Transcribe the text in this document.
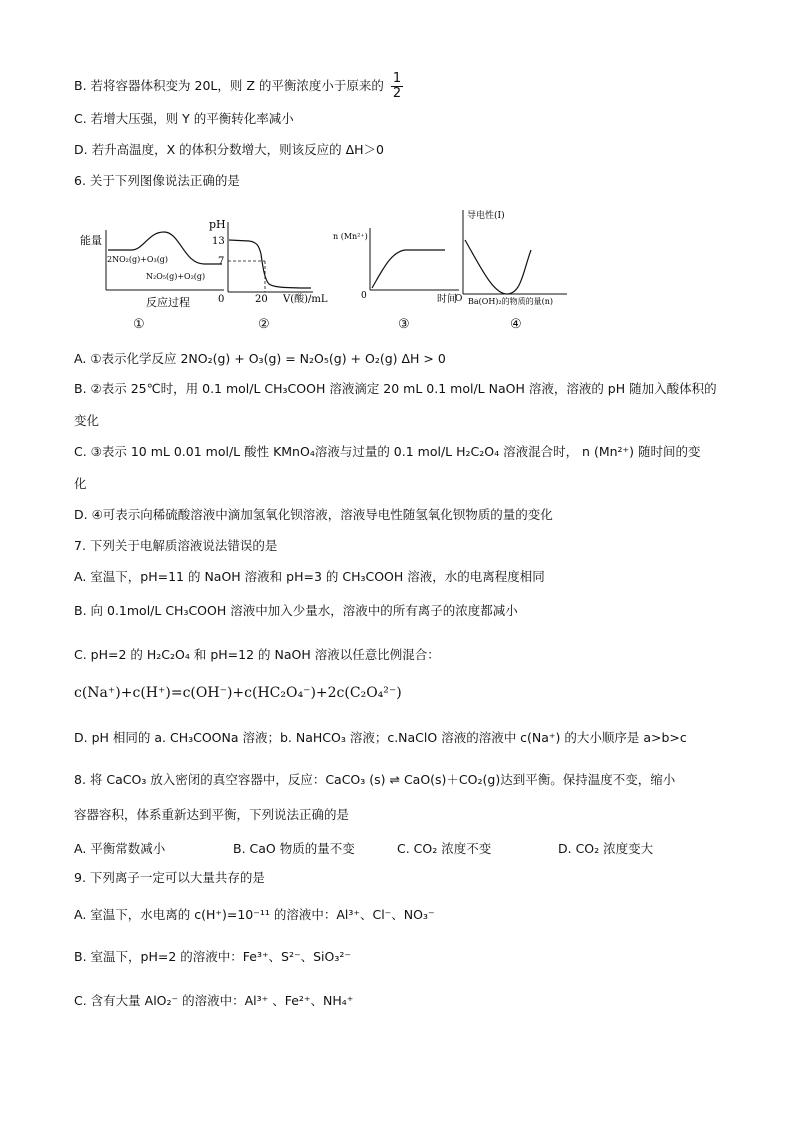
B. 若将容器体积变为 20L，则 Z 的平衡浓度小于原来的 $\frac{1}{2}$
C. 若增大压强，则 Y 的平衡转化率减小
D. 若升高温度，X 的体积分数增大，则该反应的 ΔH＞0
6. 关于下列图像说法正确的是
能量
2NO₂(g)+O₃(g)
N₂O₅(g)+O₂(g)
反应过程
pH
13
7
0	20 V(酸)/mL
n (Mn²⁺)
0	时间
导电性(I)
O Ba(OH)₂的物质的量(n)
①	②	③	④
A. ①表示化学反应 2NO₂(g) + O₃(g) = N₂O₅(g) + O₂(g) ΔH > 0
B. ②表示 25℃时，用 0.1 mol/L CH₃COOH 溶液滴定 20 mL 0.1 mol/L NaOH 溶液，溶液的 pH 随加入酸体积的
变化
C. ③表示 10 mL 0.01 mol/L 酸性 KMnO₄溶液与过量的 0.1 mol/L H₂C₂O₄ 溶液混合时， n (Mn²⁺) 随时间的变
化
D. ④可表示向稀硫酸溶液中滴加氢氧化钡溶液，溶液导电性随氢氧化钡物质的量的变化
7. 下列关于电解质溶液说法错误的是
A. 室温下，pH=11 的 NaOH 溶液和 pH=3 的 CH₃COOH 溶液，水的电离程度相同
B. 向 0.1mol/L CH₃COOH 溶液中加入少量水，溶液中的所有离子的浓度都减小
C. pH=2 的 H₂C₂O₄ 和 pH=12 的 NaOH 溶液以任意比例混合：
c(Na⁺)+c(H⁺)=c(OH⁻)+c(HC₂O₄⁻)+2c(C₂O₄²⁻)
D. pH 相同的 a. CH₃COONa 溶液；b. NaHCO₃ 溶液；c.NaClO 溶液的溶液中 c(Na⁺) 的大小顺序是 a>b>c
8. 将 CaCO₃ 放入密闭的真空容器中，反应：CaCO₃ (s) ⇌ CaO(s)＋CO₂(g)达到平衡。保持温度不变，缩小
容器容积，体系重新达到平衡，下列说法正确的是
A. 平衡常数减小	B. CaO 物质的量不变	C. CO₂ 浓度不变	D. CO₂ 浓度变大
9. 下列离子一定可以大量共存的是
A. 室温下，水电离的 c(H⁺)=10⁻¹¹ 的溶液中：Al³⁺、Cl⁻、NO₃⁻
B. 室温下，pH=2 的溶液中：Fe³⁺、S²⁻、SiO₃²⁻
C. 含有大量 AlO₂⁻ 的溶液中：Al³⁺ 、Fe²⁺、NH₄⁺
